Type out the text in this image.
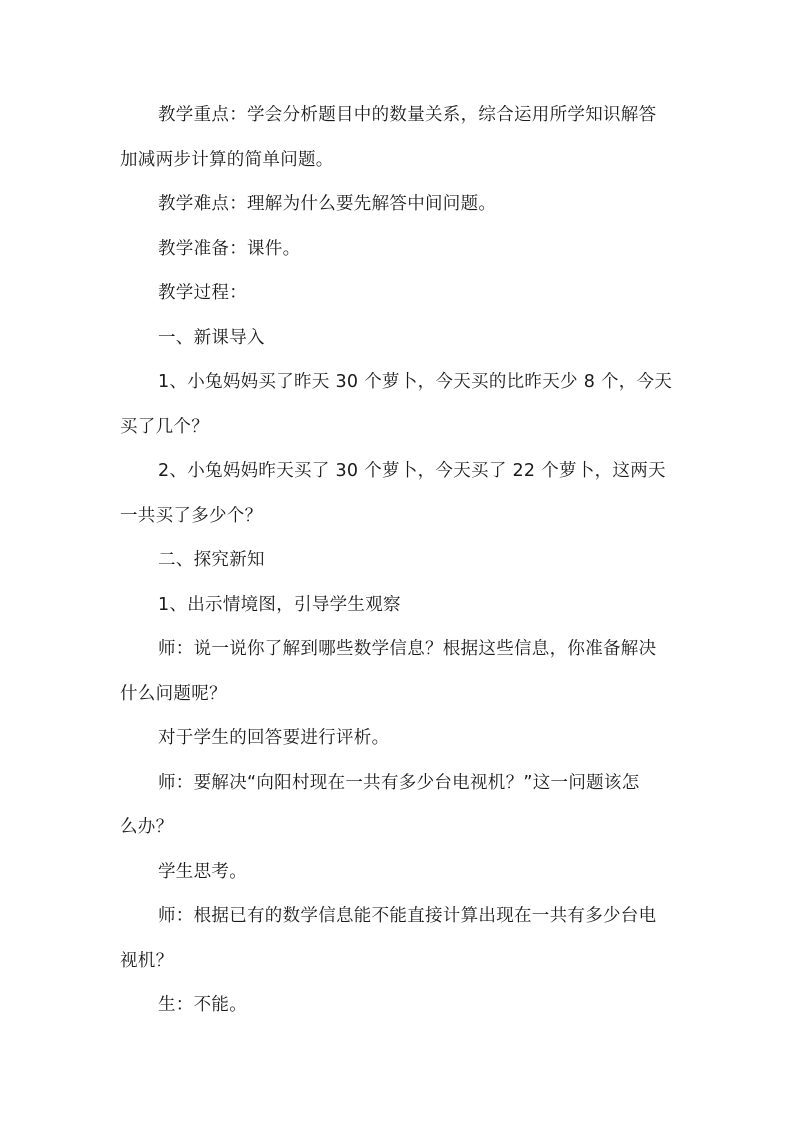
教学重点：学会分析题目中的数量关系，综合运用所学知识解答
加减两步计算的简单问题。

教学难点：理解为什么要先解答中间问题。

教学准备：课件。

教学过程：

一、新课导入

1、小兔妈妈买了昨天 30 个萝卜，今天买的比昨天少 8 个，今天
买了几个？

2、小兔妈妈昨天买了 30 个萝卜，今天买了 22 个萝卜，这两天
一共买了多少个？

二、探究新知

1、出示情境图，引导学生观察

师：说一说你了解到哪些数学信息？根据这些信息，你准备解决
什么问题呢？

对于学生的回答要进行评析。

师：要解决“向阳村现在一共有多少台电视机？”这一问题该怎
么办？

学生思考。

师：根据已有的数学信息能不能直接计算出现在一共有多少台电
视机？

生：不能。
